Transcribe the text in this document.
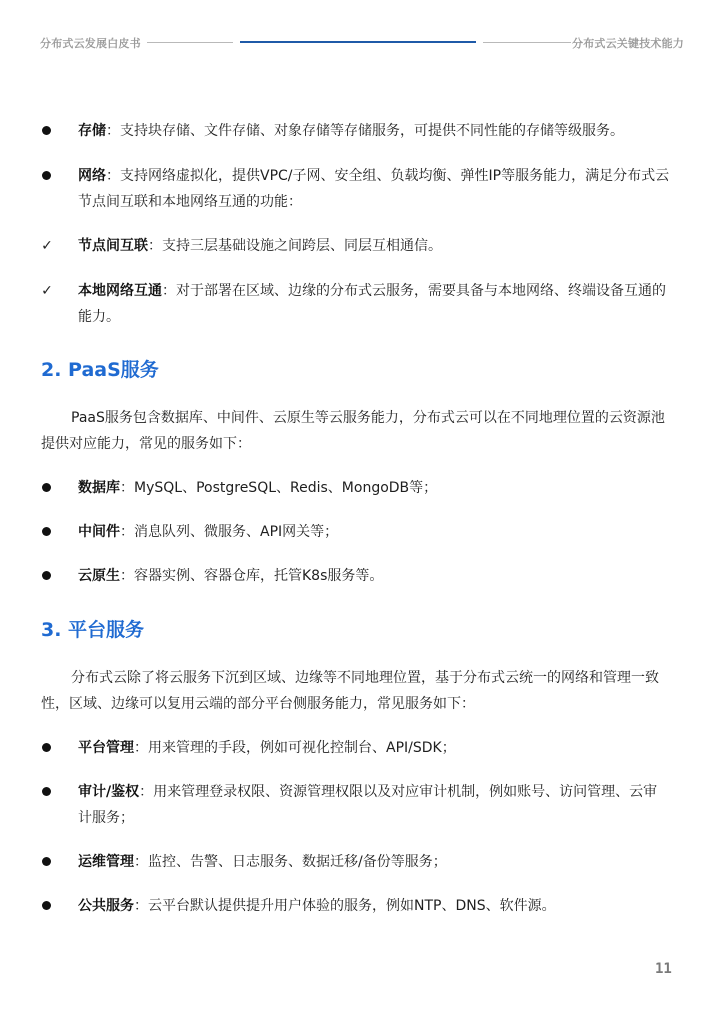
分布式云发展白皮书	分布式云关键技术能力
存储：支持块存储、文件存储、对象存储等存储服务，可提供不同性能的存储等级服务。
网络：支持网络虚拟化，提供VPC/子网、安全组、负载均衡、弹性IP等服务能力，满足分布式云节点间互联和本地网络互通的功能：
✓ 节点间互联：支持三层基础设施之间跨层、同层互相通信。
✓ 本地网络互通：对于部署在区域、边缘的分布式云服务，需要具备与本地网络、终端设备互通的能力。
2. PaaS服务
PaaS服务包含数据库、中间件、云原生等云服务能力，分布式云可以在不同地理位置的云资源池提供对应能力，常见的服务如下：
数据库：MySQL、PostgreSQL、Redis、MongoDB等；
中间件：消息队列、微服务、API网关等；
云原生：容器实例、容器仓库，托管K8s服务等。
3. 平台服务
分布式云除了将云服务下沉到区域、边缘等不同地理位置，基于分布式云统一的网络和管理一致性，区域、边缘可以复用云端的部分平台侧服务能力，常见服务如下：
平台管理：用来管理的手段，例如可视化控制台、API/SDK；
审计/鉴权：用来管理登录权限、资源管理权限以及对应审计机制，例如账号、访问管理、云审计服务；
运维管理：监控、告警、日志服务、数据迁移/备份等服务；
公共服务：云平台默认提供提升用户体验的服务，例如NTP、DNS、软件源。
11
